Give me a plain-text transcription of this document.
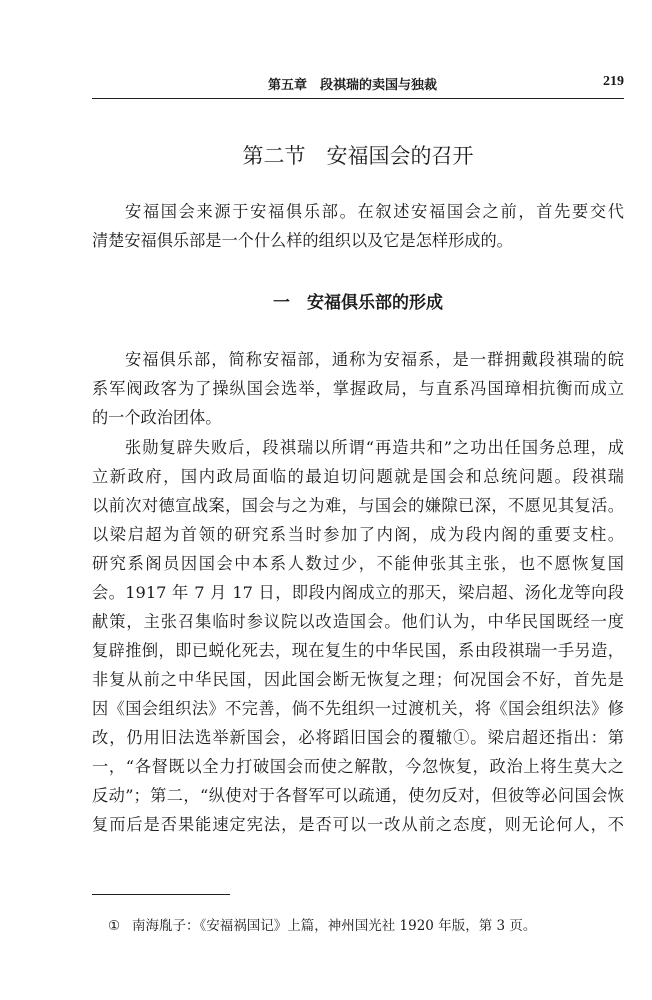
第五章　段祺瑞的卖国与独裁	219
第二节　安福国会的召开
安福国会来源于安福俱乐部。在叙述安福国会之前，首先要交代
清楚安福俱乐部是一个什么样的组织以及它是怎样形成的。
一　安福俱乐部的形成
安福俱乐部，简称安福部，通称为安福系，是一群拥戴段祺瑞的皖
系军阀政客为了操纵国会选举，掌握政局，与直系冯国璋相抗衡而成立
的一个政治团体。
张勋复辟失败后，段祺瑞以所谓“再造共和”之功出任国务总理，成
立新政府，国内政局面临的最迫切问题就是国会和总统问题。段祺瑞
以前次对德宣战案，国会与之为难，与国会的嫌隙已深，不愿见其复活。
以梁启超为首领的研究系当时参加了内阁，成为段内阁的重要支柱。
研究系阁员因国会中本系人数过少，不能伸张其主张，也不愿恢复国
会。1917 年 7 月 17 日，即段内阁成立的那天，梁启超、汤化龙等向段
献策，主张召集临时参议院以改造国会。他们认为，中华民国既经一度
复辟推倒，即已蜕化死去，现在复生的中华民国，系由段祺瑞一手另造，
非复从前之中华民国，因此国会断无恢复之理；何况国会不好，首先是
因《国会组织法》不完善，倘不先组织一过渡机关，将《国会组织法》修
改，仍用旧法选举新国会，必将蹈旧国会的覆辙①。梁启超还指出：第
一，“各督既以全力打破国会而使之解散，今忽恢复，政治上将生莫大之
反动”；第二，“纵使对于各督军可以疏通，使勿反对，但彼等必问国会恢
复而后是否果能速定宪法，是否可以一改从前之态度，则无论何人，不
① 南海胤子：《安福祸国记》上篇，神州国光社 1920 年版，第 3 页。
